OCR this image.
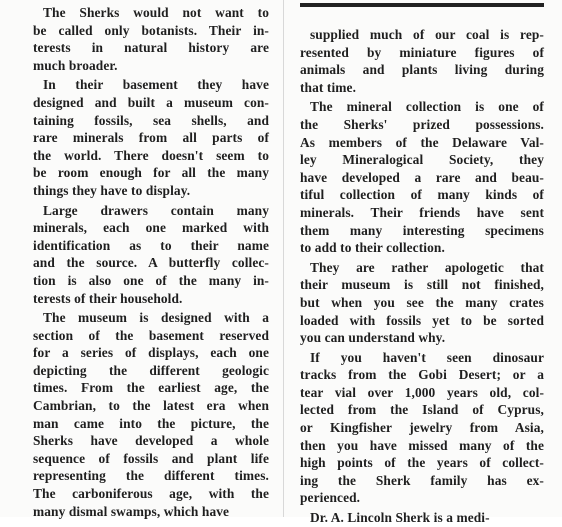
The Sherks would not want to
be called only botanists. Their in-
terests in natural history are
much broader.
In their basement they have
designed and built a museum con-
taining fossils, sea shells, and
rare minerals from all parts of
the world. There doesn't seem to
be room enough for all the many
things they have to display.
Large drawers contain many
minerals, each one marked with
identification as to their name
and the source. A butterfly collec-
tion is also one of the many in-
terests of their household.
The museum is designed with a
section of the basement reserved
for a series of displays, each one
depicting the different geologic
times. From the earliest age, the
Cambrian, to the latest era when
man came into the picture, the
Sherks have developed a whole
sequence of fossils and plant life
representing the different times.
The carboniferous age, with the
many dismal swamps, which have
supplied much of our coal is rep-
resented by miniature figures of
animals and plants living during
that time.
The mineral collection is one of
the Sherks' prized possessions.
As members of the Delaware Val-
ley Mineralogical Society, they
have developed a rare and beau-
tiful collection of many kinds of
minerals. Their friends have sent
them many interesting specimens
to add to their collection.
They are rather apologetic that
their museum is still not finished,
but when you see the many crates
loaded with fossils yet to be sorted
you can understand why.
If you haven't seen dinosaur
tracks from the Gobi Desert; or a
tear vial over 1,000 years old, col-
lected from the Island of Cyprus,
or Kingfisher jewelry from Asia,
then you have missed many of the
high points of the years of collect-
ing the Sherk family has ex-
perienced.
Dr. A. Lincoln Sherk is a medi-
